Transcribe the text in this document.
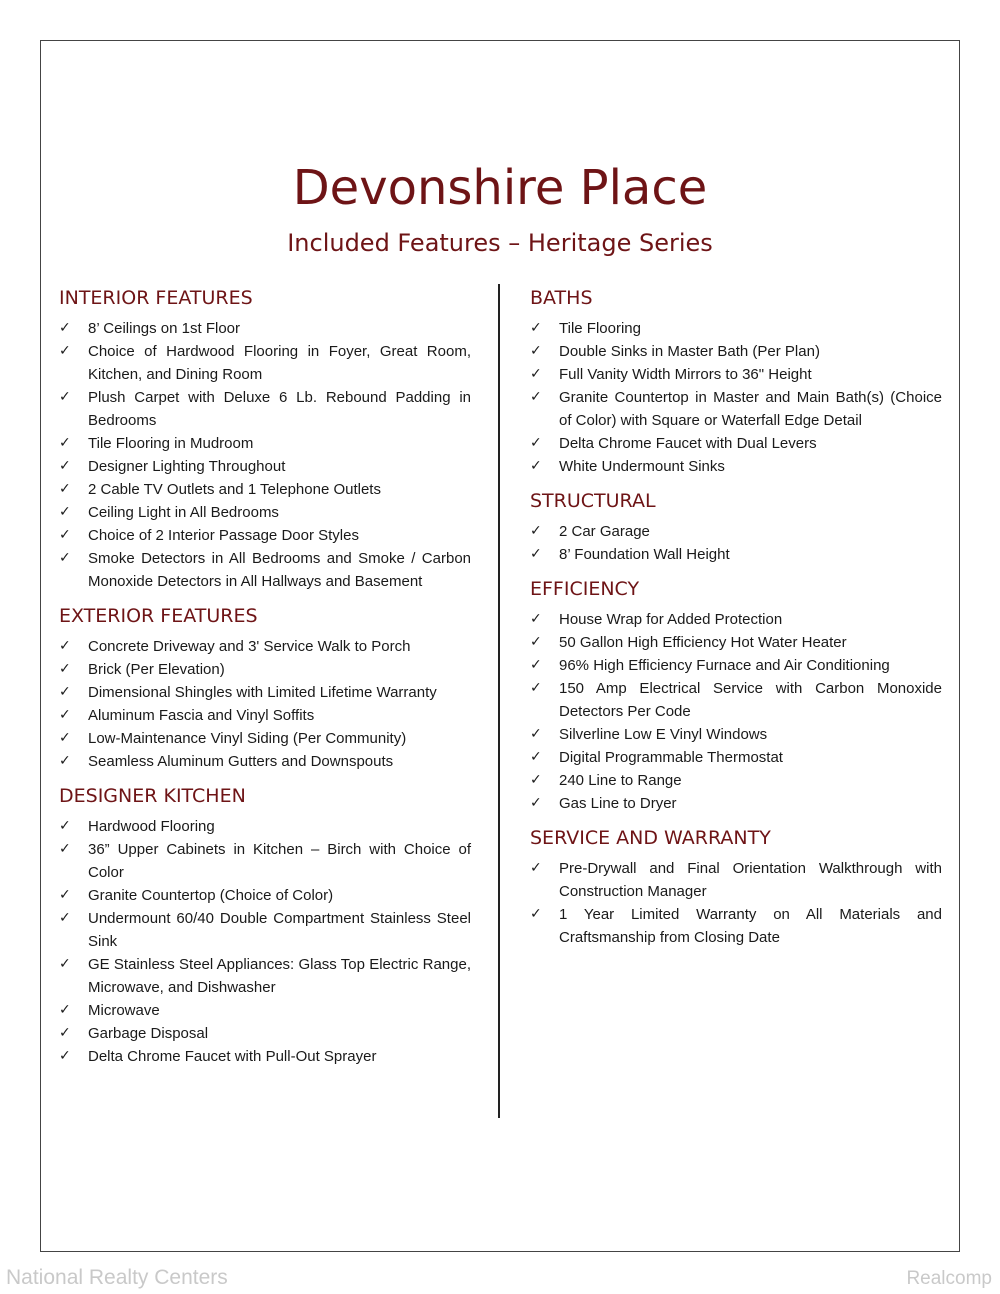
Devonshire Place
Included Features – Heritage Series
INTERIOR FEATURES
✓ 8’ Ceilings on 1st Floor
✓ Choice of Hardwood Flooring in Foyer, Great Room, Kitchen, and Dining Room
✓ Plush Carpet with Deluxe 6 Lb. Rebound Padding in Bedrooms
✓ Tile Flooring in Mudroom
✓ Designer Lighting Throughout
✓ 2 Cable TV Outlets and 1 Telephone Outlets
✓ Ceiling Light in All Bedrooms
✓ Choice of 2 Interior Passage Door Styles
✓ Smoke Detectors in All Bedrooms and Smoke / Carbon Monoxide Detectors in All Hallways and Basement
EXTERIOR FEATURES
✓ Concrete Driveway and 3' Service Walk to Porch
✓ Brick (Per Elevation)
✓ Dimensional Shingles with Limited Lifetime Warranty
✓ Aluminum Fascia and Vinyl Soffits
✓ Low-Maintenance Vinyl Siding (Per Community)
✓ Seamless Aluminum Gutters and Downspouts
DESIGNER KITCHEN
✓ Hardwood Flooring
✓ 36” Upper Cabinets in Kitchen – Birch with Choice of Color
✓ Granite Countertop (Choice of Color)
✓ Undermount 60/40 Double Compartment Stainless Steel Sink
✓ GE Stainless Steel Appliances: Glass Top Electric Range, Microwave, and Dishwasher
✓ Microwave
✓ Garbage Disposal
✓ Delta Chrome Faucet with Pull-Out Sprayer
BATHS
✓ Tile Flooring
✓ Double Sinks in Master Bath (Per Plan)
✓ Full Vanity Width Mirrors to 36" Height
✓ Granite Countertop in Master and Main Bath(s) (Choice of Color) with Square or Waterfall Edge Detail
✓ Delta Chrome Faucet with Dual Levers
✓ White Undermount Sinks
STRUCTURAL
✓ 2 Car Garage
✓ 8’ Foundation Wall Height
EFFICIENCY
✓ House Wrap for Added Protection
✓ 50 Gallon High Efficiency Hot Water Heater
✓ 96% High Efficiency Furnace and Air Conditioning
✓ 150 Amp Electrical Service with Carbon Monoxide Detectors Per Code
✓ Silverline Low E Vinyl Windows
✓ Digital Programmable Thermostat
✓ 240 Line to Range
✓ Gas Line to Dryer
SERVICE AND WARRANTY
✓ Pre-Drywall and Final Orientation Walkthrough with Construction Manager
✓ 1 Year Limited Warranty on All Materials and Craftsmanship from Closing Date
National Realty Centers	Realcomp
